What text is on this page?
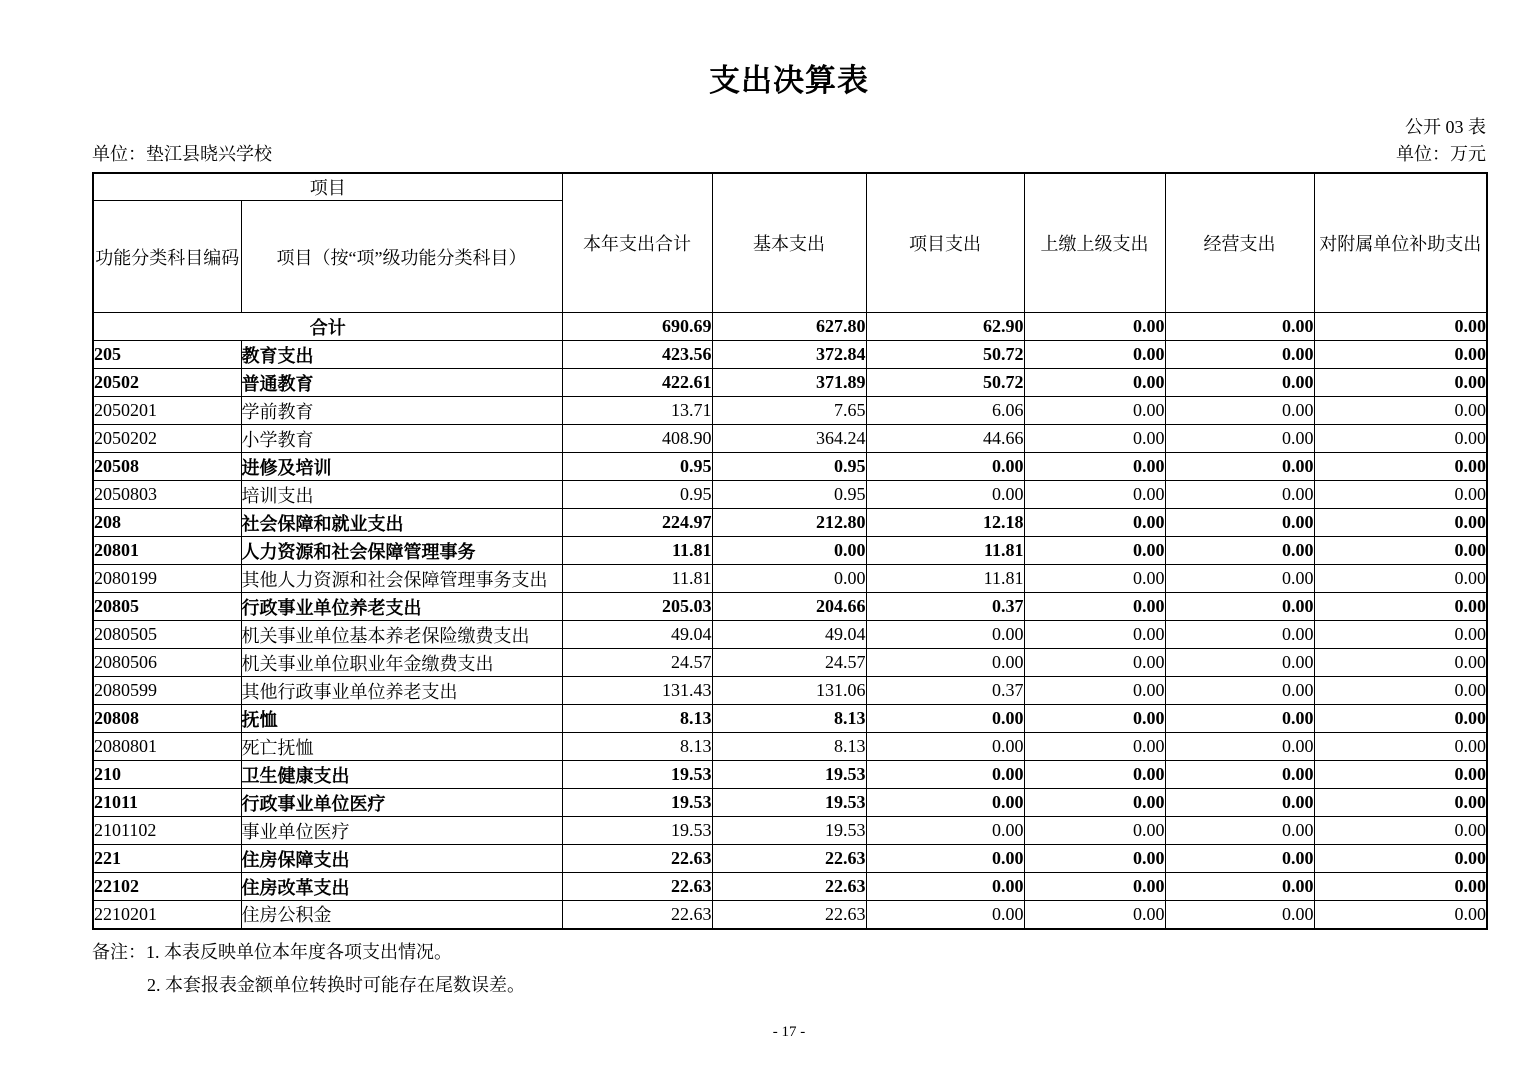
支出决算表
公开 03 表
单位：垫江县晓兴学校	单位：万元
项目		本年支出合计	基本支出	项目支出	上缴上级支出	经营支出	对附属单位补助支出
功能分类科目编码	项目（按“项”级功能分类科目）						
合计		690.69	627.80	62.90	0.00	0.00	0.00
205	教育支出	423.56	372.84	50.72	0.00	0.00	0.00
20502	普通教育	422.61	371.89	50.72	0.00	0.00	0.00
2050201	学前教育	13.71	7.65	6.06	0.00	0.00	0.00
2050202	小学教育	408.90	364.24	44.66	0.00	0.00	0.00
20508	进修及培训	0.95	0.95	0.00	0.00	0.00	0.00
2050803	培训支出	0.95	0.95	0.00	0.00	0.00	0.00
208	社会保障和就业支出	224.97	212.80	12.18	0.00	0.00	0.00
20801	人力资源和社会保障管理事务	11.81	0.00	11.81	0.00	0.00	0.00
2080199	其他人力资源和社会保障管理事务支出	11.81	0.00	11.81	0.00	0.00	0.00
20805	行政事业单位养老支出	205.03	204.66	0.37	0.00	0.00	0.00
2080505	机关事业单位基本养老保险缴费支出	49.04	49.04	0.00	0.00	0.00	0.00
2080506	机关事业单位职业年金缴费支出	24.57	24.57	0.00	0.00	0.00	0.00
2080599	其他行政事业单位养老支出	131.43	131.06	0.37	0.00	0.00	0.00
20808	抚恤	8.13	8.13	0.00	0.00	0.00	0.00
2080801	死亡抚恤	8.13	8.13	0.00	0.00	0.00	0.00
210	卫生健康支出	19.53	19.53	0.00	0.00	0.00	0.00
21011	行政事业单位医疗	19.53	19.53	0.00	0.00	0.00	0.00
2101102	事业单位医疗	19.53	19.53	0.00	0.00	0.00	0.00
221	住房保障支出	22.63	22.63	0.00	0.00	0.00	0.00
22102	住房改革支出	22.63	22.63	0.00	0.00	0.00	0.00
2210201	住房公积金	22.63	22.63	0.00	0.00	0.00	0.00
备注：1. 本表反映单位本年度各项支出情况。
2. 本套报表金额单位转换时可能存在尾数误差。
- 17 -
